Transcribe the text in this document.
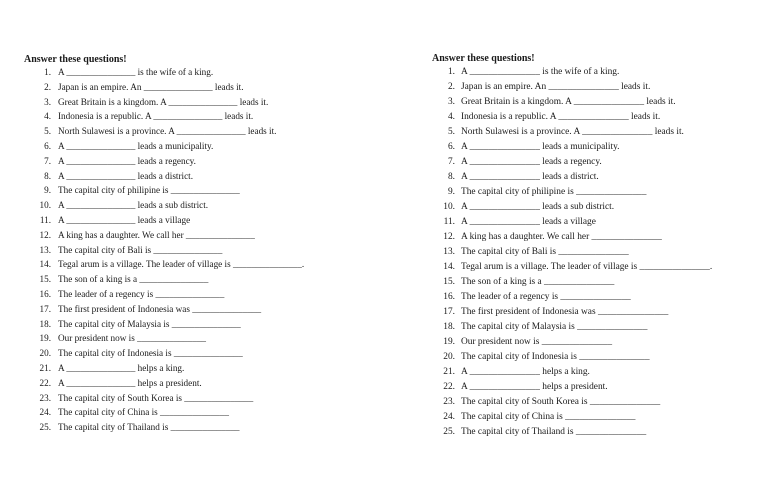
Answer these questions!
1. A _______________ is the wife of a king.
2. Japan is an empire. An _______________ leads it.
3. Great Britain is a kingdom. A _______________ leads it.
4. Indonesia is a republic. A _______________ leads it.
5. North Sulawesi is a province. A _______________ leads it.
6. A _______________ leads a municipality.
7. A _______________ leads a regency.
8. A _______________ leads a district.
9. The capital city of philipine is _______________
10. A _______________ leads a sub district.
11. A _______________ leads a village
12. A king has a daughter. We call her _______________
13. The capital city of Bali is _______________
14. Tegal arum is a village. The leader of village is _______________.
15. The son of a king is a _______________
16. The leader of a regency is _______________
17. The first president of Indonesia was _______________
18. The capital city of Malaysia is _______________
19. Our president now is _______________
20. The capital city of Indonesia is _______________
21. A _______________ helps a king.
22. A _______________ helps a president.
23. The capital city of South Korea is _______________
24. The capital city of China is _______________
25. The capital city of Thailand is _______________
Answer these questions!
1. A _______________ is the wife of a king.
2. Japan is an empire. An _______________ leads it.
3. Great Britain is a kingdom. A _______________ leads it.
4. Indonesia is a republic. A _______________ leads it.
5. North Sulawesi is a province. A _______________ leads it.
6. A _______________ leads a municipality.
7. A _______________ leads a regency.
8. A _______________ leads a district.
9. The capital city of philipine is _______________
10. A _______________ leads a sub district.
11. A _______________ leads a village
12. A king has a daughter. We call her _______________
13. The capital city of Bali is _______________
14. Tegal arum is a village. The leader of village is _______________.
15. The son of a king is a _______________
16. The leader of a regency is _______________
17. The first president of Indonesia was _______________
18. The capital city of Malaysia is _______________
19. Our president now is _______________
20. The capital city of Indonesia is _______________
21. A _______________ helps a king.
22. A _______________ helps a president.
23. The capital city of South Korea is _______________
24. The capital city of China is _______________
25. The capital city of Thailand is _______________
